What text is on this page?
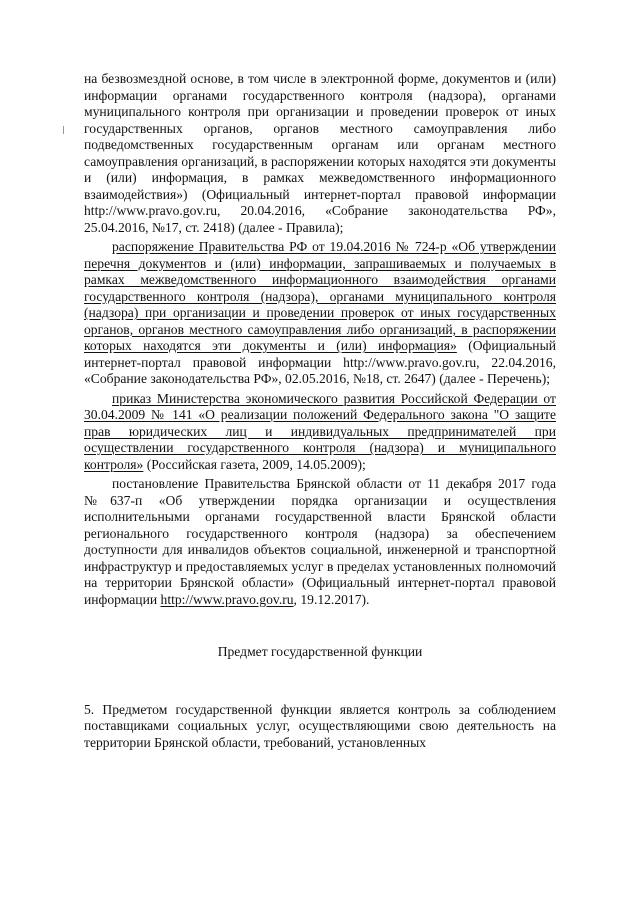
на безвозмездной основе, в том числе в электронной форме, документов и (или) информации органами государственного контроля (надзора), органами муниципального контроля при организации и проведении проверок от иных государственных органов, органов местного самоуправления либо подведомственных государственным органам или органам местного самоуправления организаций, в распоряжении которых находятся эти документы и (или) информация, в рамках межведомственного информационного взаимодействия») (Официальный интернет-портал правовой информации http://www.pravo.gov.ru, 20.04.2016, «Собрание законодательства РФ», 25.04.2016, №17, ст. 2418) (далее - Правила);

распоряжение Правительства РФ от 19.04.2016 № 724-р «Об утверждении перечня документов и (или) информации, запрашиваемых и получаемых в рамках межведомственного информационного взаимодействия органами государственного контроля (надзора), органами муниципального контроля (надзора) при организации и проведении проверок от иных государственных органов, органов местного самоуправления либо организаций, в распоряжении которых находятся эти документы и (или) информация» (Официальный интернет-портал правовой информации http://www.pravo.gov.ru, 22.04.2016, «Собрание законодательства РФ», 02.05.2016, №18, ст. 2647) (далее - Перечень);

приказ Министерства экономического развития Российской Федерации от 30.04.2009 № 141 «О реализации положений Федерального закона "О защите прав юридических лиц и индивидуальных предпринимателей при осуществлении государственного контроля (надзора) и муниципального контроля» (Российская газета, 2009, 14.05.2009);

постановление Правительства Брянской области от 11 декабря 2017 года №637-п «Об утверждении порядка организации и осуществления исполнительными органами государственной власти Брянской области регионального государственного контроля (надзора) за обеспечением доступности для инвалидов объектов социальной, инженерной и транспортной инфраструктур и предоставляемых услуг в пределах установленных полномочий на территории Брянской области» (Официальный интернет-портал правовой информации http://www.pravo.gov.ru, 19.12.2017).

Предмет государственной функции

5. Предметом государственной функции является контроль за соблюдением поставщиками социальных услуг, осуществляющими свою деятельность на территории Брянской области, требований, установленных
